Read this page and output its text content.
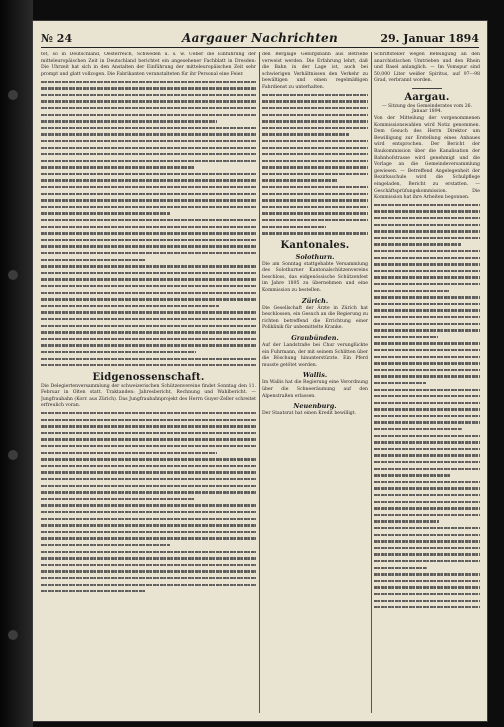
№ 24	Aargauer Nachrichten	29. Januar 1894
tet, so in Deutschland, Oesterreich, Schweden u. s. w. Ueber die Einführung der mitteleuropäischen Zeit in Deutschland berichtet ein angesehener Fachblatt in Dresden: Die Uhrzeit hat sich in den Anstalten der Einführung der mitteleuropäischen Zeit sehr prompt und glatt vollzogen. Die Fabrikanten veranstalteten für ihr Personal eine Feier.
Eidgenossenschaft.
Die Delegiertenversammlung der schweizerischen Schützenvereine findet Sonntag den 11. Februar in Olten statt. Traktanden: Jahresbericht, Rechnung und Wahlbericht. — Jungfraubahn (Korr. aus Zürich). Das Jungfraubahnprojekt des Herrn Guyer-Zeller schreitet erfreulich voran.
den Berglage Gebirgsbahn aus Betriebe verweist werden. Die Erfahrung lehrt, daß die Bahn in der Lage ist, auch bei schwierigen Verhältnissen den Verkehr zu bewältigen und einen regelmäßigen Fahrdienst zu unterhalten.
Kantonales.
Solothurn.
Die am Sonntag stattgehabte Versammlung des Solothurner Kantonalschützenvereins beschloss, das eidgenössische Schützenfest im Jahre 1895 zu übernehmen und eine Kommission zu bestellen.
Zürich.
Die Gesellschaft der Ärzte in Zürich hat beschlossen, ein Gesuch an die Regierung zu richten betreffend die Errichtung einer Poliklinik für unbemittelte Kranke.
Graubünden.
Auf der Landstraße bei Chur verunglückte ein Fuhrmann, der mit seinem Schlitten über die Böschung hinunterstürzte. Ein Pferd musste getötet werden.
Wallis.
Im Wallis hat die Regierung eine Verordnung über die Schneeräumung auf den Alpenstraßen erlassen.
Neuenburg.
Der Staatsrat hat einen Kredit bewilligt.
Schriftsteller wegen Beteiligung an den anarchistischen Umtrieben und den Rhein und Basel anlanglich. — Im Vomspur sind 50,000 Liter weißer Spiritus, auf 97—98 Grad, verbrannt worden.
Aargau.
— Sitzung des Gemeinderates vom 26. Januar 1894.
Von der Mitteilung der vorgenommenen Kommissionswahlen wird Notiz genommen. Dem Gesuch des Herrn Direktor um Bewilligung zur Erstellung eines Anbaues wird entsprochen. Der Bericht der Baukommission über die Kanalisation der Bahnhofstrasse wird genehmigt und die Vorlage an die Gemeindeversammlung gewiesen. — Betreffend Angelegenheit der Bezirksschule wird die Schulpflege eingeladen, Bericht zu erstatten. — Geschäftsprüfungskommission. Die Kommission hat ihre Arbeiten begonnen.
